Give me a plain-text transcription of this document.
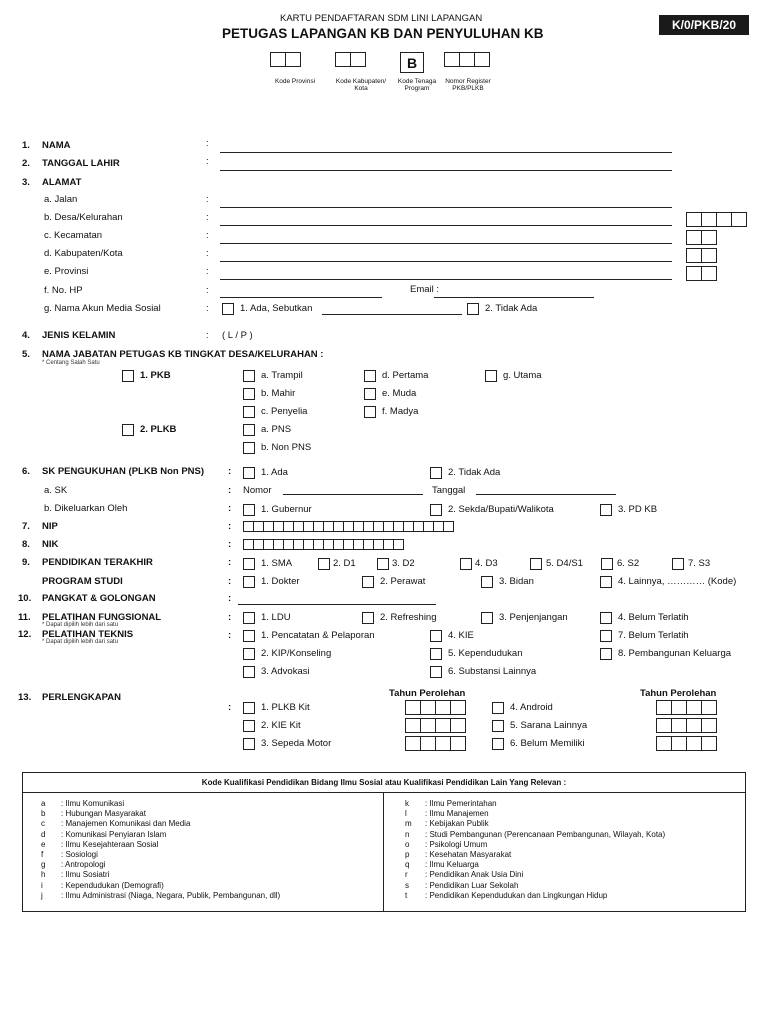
KARTU PENDAFTARAN SDM LINI LAPANGAN
PETUGAS LAPANGAN KB DAN PENYULUHAN KB
K/0/PKB/20
B
Kode Provinsi	Kode Kabupaten/ Kota
Kode Tenaga Program
Nomor Register PKB/PLKB
1. NAMA	:
2. TANGGAL LAHIR	:
3. ALAMAT
a. Jalan	:
b. Desa/Kelurahan	:
c. Kecamatan	:
d. Kabupaten/Kota	:
e. Provinsi	:
f. No. HP	:	Email :
g. Nama Akun Media Sosial	:	1. Ada, Sebutkan	2. Tidak Ada
4. JENIS KELAMIN	: ( L / P )
5. NAMA JABATAN PETUGAS KB TINGKAT DESA/KELURAHAN :
* Centang Salah Satu
1. PKB	a. Trampil	d. Pertama	g. Utama
b. Mahir	e. Muda
c. Penyelia	f. Madya
2. PLKB	a. PNS
b. Non PNS
6. SK PENGUKUHAN (PLKB Non PNS)	:	1. Ada	2. Tidak Ada
a. SK	: Nomor	Tanggal
b. Dikeluarkan Oleh	:	1. Gubernur	2. Sekda/Bupati/Walikota	3. PD KB
7. NIP	:
8. NIK	:
9. PENDIDIKAN TERAKHIR	:	1. SMA	2. D1	3. D2	4. D3	5. D4/S1	6. S2	7. S3
PROGRAM STUDI	:	1. Dokter	2. Perawat	3. Bidan	4. Lainnya, ………… (Kode)
10. PANGKAT & GOLONGAN	:
11. PELATIHAN FUNGSIONAL
* Dapat dipilih lebih dari satu
:	1. LDU	2. Refreshing	3. Penjenjangan	4. Belum Terlatih
12. PELATIHAN TEKNIS
* Dapat dipilih lebih dari satu
:	1. Pencatatan & Pelaporan	4. KIE	7. Belum Terlatih
2. KIP/Konseling	5. Kependudukan	8. Pembangunan Keluarga
3. Advokasi	6. Substansi Lainnya
13. PERLENGKAPAN	Tahun Perolehan	Tahun Perolehan
:	1. PLKB Kit	4. Android
2. KIE Kit	5. Sarana Lainnya
3. Sepeda Motor	6. Belum Memiliki
Kode Kualifikasi Pendidikan Bidang Ilmu Sosial atau Kualifikasi Pendidikan Lain Yang Relevan :
a	: Ilmu Komunikasi
b	: Hubungan Masyarakat
c	: Manajemen Komunikasi dan Media
d	: Komunikasi Penyiaran Islam
e	: Ilmu Kesejahteraan Sosial
f	: Sosiologi
g	: Antropologi
h	: Ilmu Sosiatri
i	: Kependudukan (Demografi)
j	: Ilmu Administrasi (Niaga, Negara, Publik, Pembangunan, dll)
k	: Ilmu Pemerintahan
l	: Ilmu Manajemen
m	: Kebijakan Publik
n	: Studi Pembangunan (Perencanaan Pembangunan, Wilayah, Kota)
o	: Psikologi Umum
p	: Kesehatan Masyarakat
q	: Ilmu Keluarga
r	: Pendidikan Anak Usia Dini
s	: Pendidikan Luar Sekolah
t	: Pendidikan Kependudukan dan Lingkungan Hidup
